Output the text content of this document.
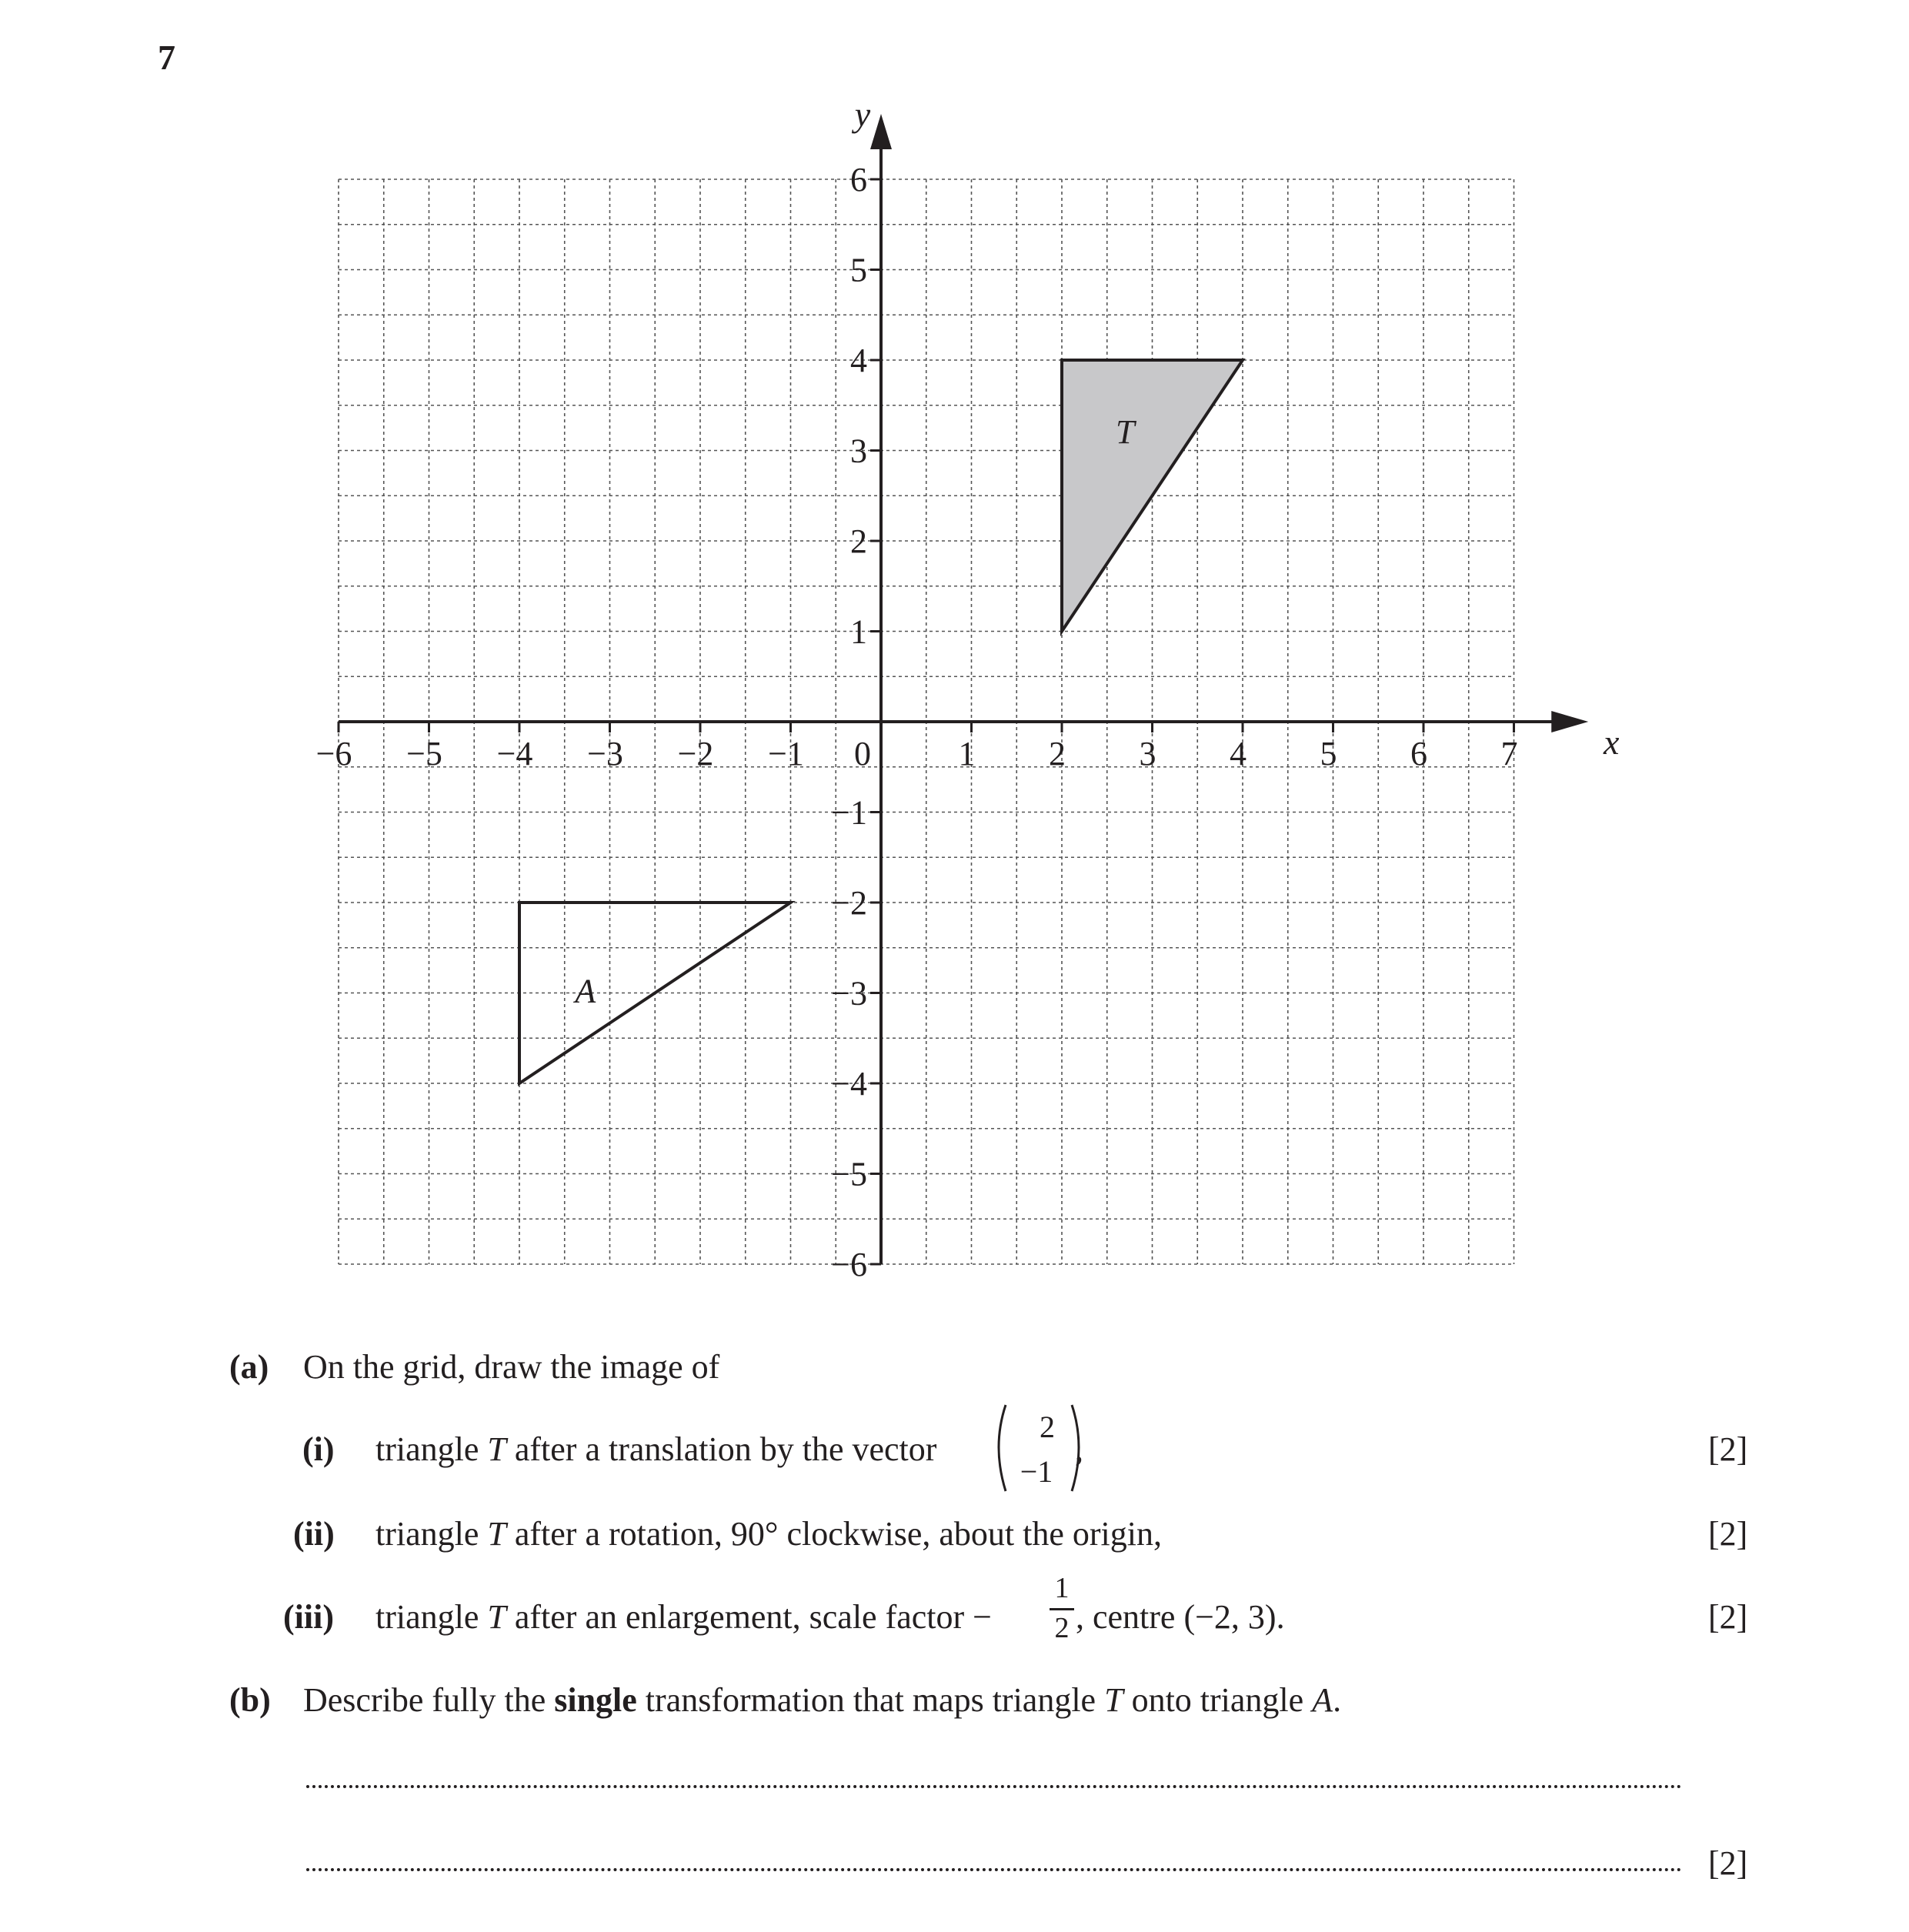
7
T
A
−6 −5 −4 −3 −2 −1 0	1 2 3 4 5 6 7
6
5
4
3
2
1
−1
−2
−3
−4
−5
−6
x
y
(a) On the grid, draw the image of
(i) triangle T after a translation by the vector
2
−1
,	[2]
(ii) triangle T after a rotation, 90° clockwise, about the origin,	[2]
(iii) triangle T after an enlargement, scale factor −
1
2 , centre (−2, 3).	[2]
(b) Describe fully the single transformation that maps triangle T onto triangle A.
[2]
